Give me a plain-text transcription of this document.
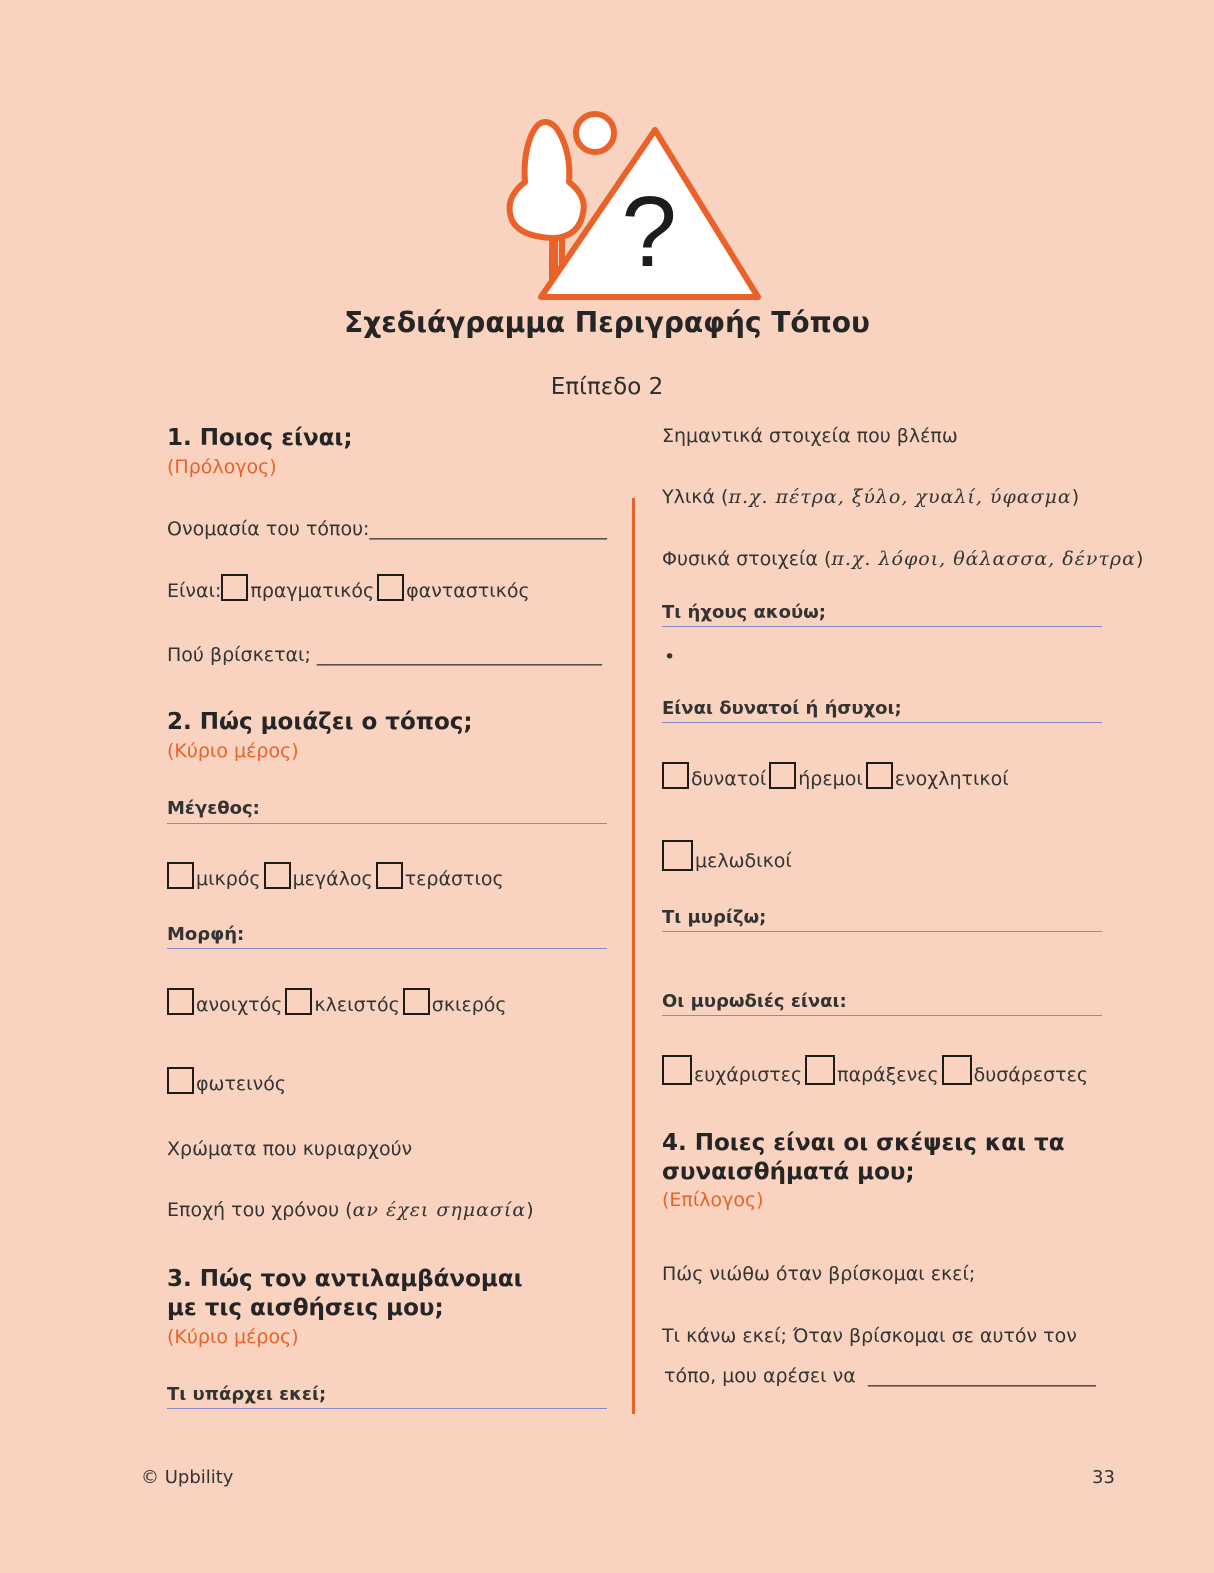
?
Σχεδιάγραμμα Περιγραφής Τόπου
Επίπεδο 2
1. Ποιος είναι;
(Πρόλογος)
Ονομασία του τόπου:_________________________
Είναι: πραγματικός φανταστικός
Πού βρίσκεται; ______________________________
2. Πώς μοιάζει ο τόπος;
(Κύριο μέρος)
Μέγεθος:
μικρός μεγάλος τεράστιος
Μορφή:
ανοιχτός κλειστός σκιερός
φωτεινός
Χρώματα που κυριαρχούν
Εποχή του χρόνου (αν έχει σημασία)
3. Πώς τον αντιλαμβάνομαι
με τις αισθήσεις μου;
(Κύριο μέρος)
Τι υπάρχει εκεί;
Σημαντικά στοιχεία που βλέπω
Υλικά (π.χ. πέτρα, ξύλο, χυαλί, ύφασμα)
Φυσικά στοιχεία (π.χ. λόφοι, θάλασσα, δέντρα)
Τι ήχους ακούω;
•
Είναι δυνατοί ή ήσυχοι;
δυνατοί ήρεμοι ενοχλητικοί
μελωδικοί
Τι μυρίζω;
Οι μυρωδιές είναι:
ευχάριστες παράξενες δυσάρεστες
4. Ποιες είναι οι σκέψεις και τα
συναισθήματά μου;
(Επίλογος)
Πώς νιώθω όταν βρίσκομαι εκεί;
Τι κάνω εκεί; Όταν βρίσκομαι σε αυτόν τον
τόπο, μου αρέσει να ________________________
© Upbility	33
